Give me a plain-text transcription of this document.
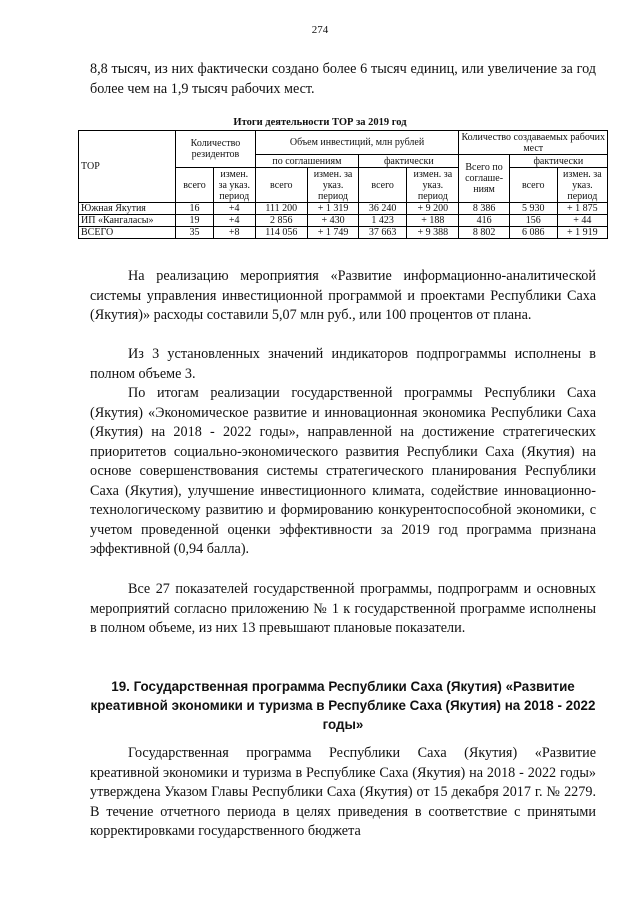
274

8,8 тысяч, из них фактически создано более 6 тысяч единиц, или увеличение за год более чем на 1,9 тысяч рабочих мест.

Итоги деятельности ТОР за 2019 год
ТОР	Количество резидентов		Объем инвестиций, млн рублей				Количество создаваемых рабочих мест		
			по соглашениям		фактически		Всего по соглаше-ниям	фактически	
	всего	измен. за указ. период	всего	измен. за указ. период	всего	измен. за указ. период		всего	измен. за указ. период
Южная Якутия	16	+4	111 200	+ 1 319	36 240	+ 9 200	8 386	5 930	+ 1 875
ИП «Кангаласы»	19	+4	2 856	+ 430	1 423	+ 188	416	156	+ 44
ВСЕГО	35	+8	114 056	+ 1 749	37 663	+ 9 388	8 802	6 086	+ 1 919

На реализацию мероприятия «Развитие информационно-аналитической системы управления инвестиционной программой и проектами Республики Саха (Якутия)» расходы составили 5,07 млн руб., или 100 процентов от плана.

Из 3 установленных значений индикаторов подпрограммы исполнены в полном объеме 3.

По итогам реализации государственной программы Республики Саха (Якутия) «Экономическое развитие и инновационная экономика Республики Саха (Якутия) на 2018 - 2022 годы», направленной на достижение стратегических приоритетов социально-экономического развития Республики Саха (Якутия) на основе совершенствования системы стратегического планирования Республики Саха (Якутия), улучшение инвестиционного климата, содействие инновационно-технологическому развитию и формированию конкурентоспособной экономики, с учетом проведенной оценки эффективности за 2019 год программа признана эффективной (0,94 балла).

Все 27 показателей государственной программы, подпрограмм и основных мероприятий согласно приложению № 1 к государственной программе исполнены в полном объеме, из них 13 превышают плановые показатели.

19. Государственная программа Республики Саха (Якутия) «Развитие креативной экономики и туризма в Республике Саха (Якутия) на 2018 - 2022 годы»

Государственная программа Республики Саха (Якутия) «Развитие креативной экономики и туризма в Республике Саха (Якутия) на 2018 - 2022 годы» утверждена Указом Главы Республики Саха (Якутия) от 15 декабря 2017 г. № 2279. В течение отчетного периода в целях приведения в соответствие с принятыми корректировками государственного бюджета
